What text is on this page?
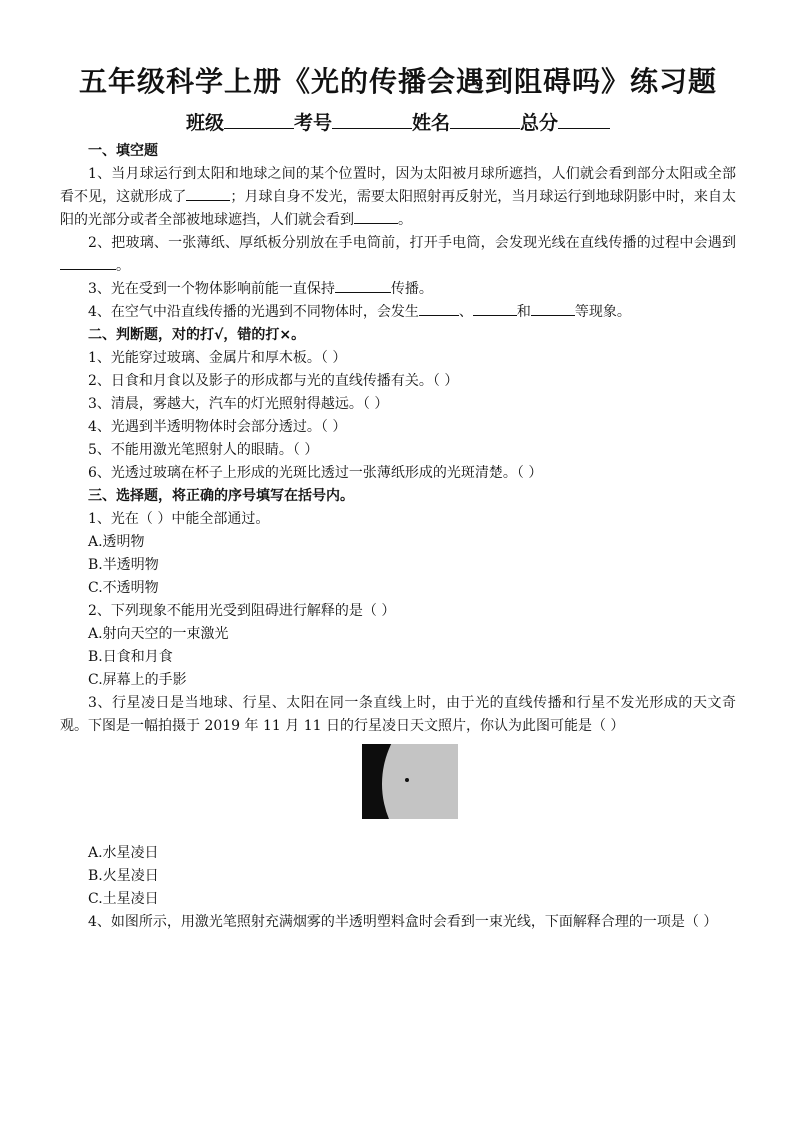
五年级科学上册《光的传播会遇到阻碍吗》练习题
班级	考号	姓名	总分
一、填空题
1、当月球运行到太阳和地球之间的某个位置时，因为太阳被月球所遮挡，人们就会看到部分太阳或全部看不见，这就形成了	；月球自身不发光，需要太阳照射再反射光，当月球运行到地球阴影中时，来自太阳的光部分或者全部被地球遮挡，人们就会看到	。
2、把玻璃、一张薄纸、厚纸板分别放在手电筒前，打开手电筒，会发现光线在直线传播的过程中会遇到。
3、光在受到一个物体影响前能一直保持	传播。
4、在空气中沿直线传播的光遇到不同物体时，会发生	、	和	等现象。
二、判断题，对的打√，错的打×。
1、光能穿过玻璃、金属片和厚木板。（ ）
2、日食和月食以及影子的形成都与光的直线传播有关。（ ）
3、清晨，雾越大，汽车的灯光照射得越远。（ ）
4、光遇到半透明物体时会部分透过。（ ）
5、不能用激光笔照射人的眼睛。（ ）
6、光透过玻璃在杯子上形成的光斑比透过一张薄纸形成的光斑清楚。（ ）
三、选择题，将正确的序号填写在括号内。
1、光在（ ）中能全部通过。
A.透明物
B.半透明物
C.不透明物
2、下列现象不能用光受到阻碍进行解释的是（ ）
A.射向天空的一束激光
B.日食和月食
C.屏幕上的手影
3、行星凌日是当地球、行星、太阳在同一条直线上时，由于光的直线传播和行星不发光形成的天文奇观。下图是一幅拍摄于 2019 年 11 月 11 日的行星凌日天文照片，你认为此图可能是（ ）
A.水星凌日
B.火星凌日
C.土星凌日
4、如图所示，用激光笔照射充满烟雾的半透明塑料盒时会看到一束光线，下面解释合理的一项是（ ）
